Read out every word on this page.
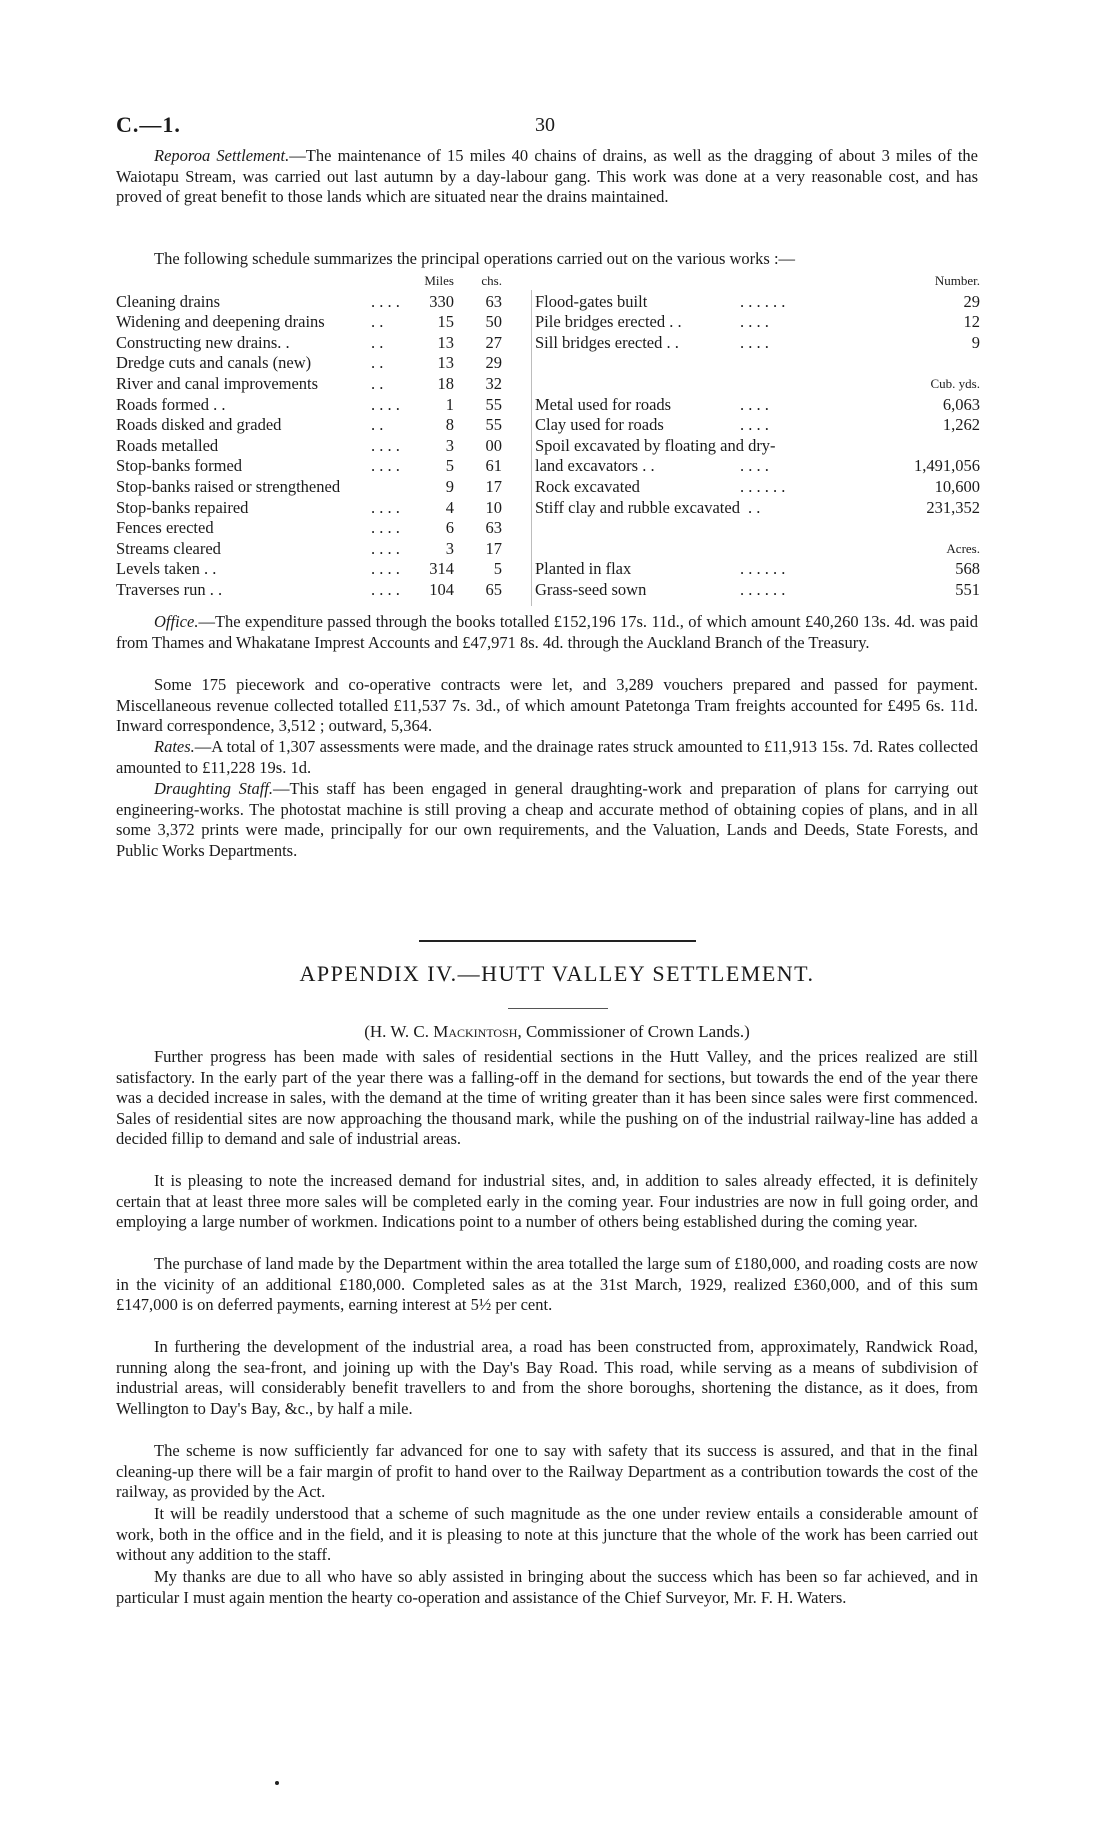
C.—1.	30

Reporoa Settlement.—The maintenance of 15 miles 40 chains of drains, as well as the dragging of about 3 miles of the Waiotapu Stream, was carried out last autumn by a day-labour gang. This work was done at a very reasonable cost, and has proved of great benefit to those lands which are situated near the drains maintained.

The following schedule summarizes the principal operations carried out on the various works :—

Miles	chs.
Cleaning drains	. . . .	330	63
Widening and deepening drains	. .	15	50
Constructing new drains. .	. .	13	27
Dredge cuts and canals (new)	. .	13	29
River and canal improvements	. .	18	32
Roads formed . .	. . . .	1	55
Roads disked and graded	. .	8	55
Roads metalled	. . . .	3	00
Stop-banks formed	. . . .	5	61
Stop-banks raised or strengthened	9	17
Stop-banks repaired	. . . .	4	10
Fences erected	. . . .	6	63
Streams cleared	. . . .	3	17
Levels taken . .	. . . .	314	5
Traverses run . .	. . . .	104	65
Number.
Flood-gates built	. . . . . .	29
Pile bridges erected . .	. . . .	12
Sill bridges erected . .	. . . .	9
Cub. yds.
Metal used for roads	. . . .	6,063
Clay used for roads	. . . .	1,262
Spoil excavated by floating and dry-
land excavators . .	. . . .	1,491,056
Rock excavated	. . . . . .	10,600
Stiff clay and rubble excavated . .	231,352
Acres.
Planted in flax	. . . . . .	568
Grass-seed sown	. . . . . .	551

Office.—The expenditure passed through the books totalled £152,196 17s. 11d., of which amount £40,260 13s. 4d. was paid from Thames and Whakatane Imprest Accounts and £47,971 8s. 4d. through the Auckland Branch of the Treasury.

Some 175 piecework and co-operative contracts were let, and 3,289 vouchers prepared and passed for payment. Miscellaneous revenue collected totalled £11,537 7s. 3d., of which amount Patetonga Tram freights accounted for £495 6s. 11d. Inward correspondence, 3,512 ; outward, 5,364.

Rates.—A total of 1,307 assessments were made, and the drainage rates struck amounted to £11,913 15s. 7d. Rates collected amounted to £11,228 19s. 1d.

Draughting Staff.—This staff has been engaged in general draughting-work and preparation of plans for carrying out engineering-works. The photostat machine is still proving a cheap and accurate method of obtaining copies of plans, and in all some 3,372 prints were made, principally for our own requirements, and the Valuation, Lands and Deeds, State Forests, and Public Works Departments.

APPENDIX IV.—HUTT VALLEY SETTLEMENT.
(H. W. C. Mackintosh, Commissioner of Crown Lands.)

Further progress has been made with sales of residential sections in the Hutt Valley, and the prices realized are still satisfactory. In the early part of the year there was a falling-off in the demand for sections, but towards the end of the year there was a decided increase in sales, with the demand at the time of writing greater than it has been since sales were first commenced. Sales of residential sites are now approaching the thousand mark, while the pushing on of the industrial railway-line has added a decided fillip to demand and sale of industrial areas.

It is pleasing to note the increased demand for industrial sites, and, in addition to sales already effected, it is definitely certain that at least three more sales will be completed early in the coming year. Four industries are now in full going order, and employing a large number of workmen. Indications point to a number of others being established during the coming year.

The purchase of land made by the Department within the area totalled the large sum of £180,000, and roading costs are now in the vicinity of an additional £180,000. Completed sales as at the 31st March, 1929, realized £360,000, and of this sum £147,000 is on deferred payments, earning interest at 5½ per cent.

In furthering the development of the industrial area, a road has been constructed from, approximately, Randwick Road, running along the sea-front, and joining up with the Day's Bay Road. This road, while serving as a means of subdivision of industrial areas, will considerably benefit travellers to and from the shore boroughs, shortening the distance, as it does, from Wellington to Day's Bay, &c., by half a mile.

The scheme is now sufficiently far advanced for one to say with safety that its success is assured, and that in the final cleaning-up there will be a fair margin of profit to hand over to the Railway Department as a contribution towards the cost of the railway, as provided by the Act.

It will be readily understood that a scheme of such magnitude as the one under review entails a considerable amount of work, both in the office and in the field, and it is pleasing to note at this juncture that the whole of the work has been carried out without any addition to the staff.

My thanks are due to all who have so ably assisted in bringing about the success which has been so far achieved, and in particular I must again mention the hearty co-operation and assistance of the Chief Surveyor, Mr. F. H. Waters.
